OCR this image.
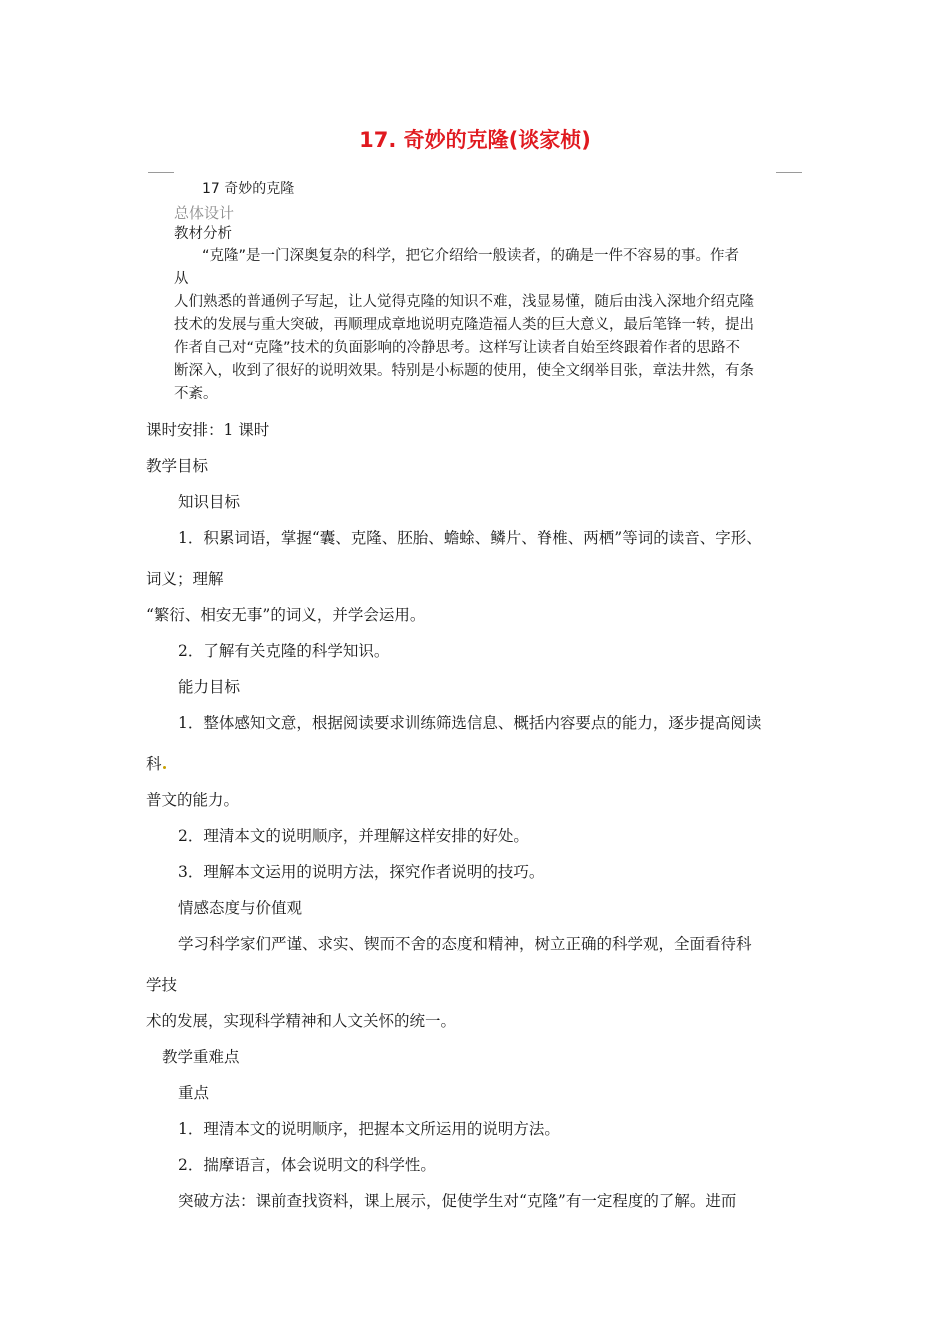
17. 奇妙的克隆(谈家桢)
17 奇妙的克隆
总体设计
教材分析
“克隆”是一门深奥复杂的科学，把它介绍给一般读者，的确是一件不容易的事。作者
从
人们熟悉的普通例子写起，让人觉得克隆的知识不难，浅显易懂，随后由浅入深地介绍克隆
技术的发展与重大突破，再顺理成章地说明克隆造福人类的巨大意义，最后笔锋一转，提出
作者自己对“克隆”技术的负面影响的冷静思考。这样写让读者自始至终跟着作者的思路不
断深入，收到了很好的说明效果。特别是小标题的使用，使全文纲举目张，章法井然，有条
不紊。
课时安排：1 课时
教学目标
知识目标
1．积累词语，掌握“囊、克隆、胚胎、蟾蜍、鳞片、脊椎、两栖”等词的读音、字形、
词义；理解
“繁衍、相安无事”的词义，并学会运用。
2．了解有关克隆的科学知识。
能力目标
1．整体感知文意，根据阅读要求训练筛选信息、概括内容要点的能力，逐步提高阅读
科
普文的能力。
2．理清本文的说明顺序，并理解这样安排的好处。
3．理解本文运用的说明方法，探究作者说明的技巧。
情感态度与价值观
学习科学家们严谨、求实、锲而不舍的态度和精神，树立正确的科学观，全面看待科
学技
术的发展，实现科学精神和人文关怀的统一。
教学重难点
重点
1．理清本文的说明顺序，把握本文所运用的说明方法。
2．揣摩语言，体会说明文的科学性。
突破方法：课前查找资料，课上展示，促使学生对“克隆”有一定程度的了解。进而
